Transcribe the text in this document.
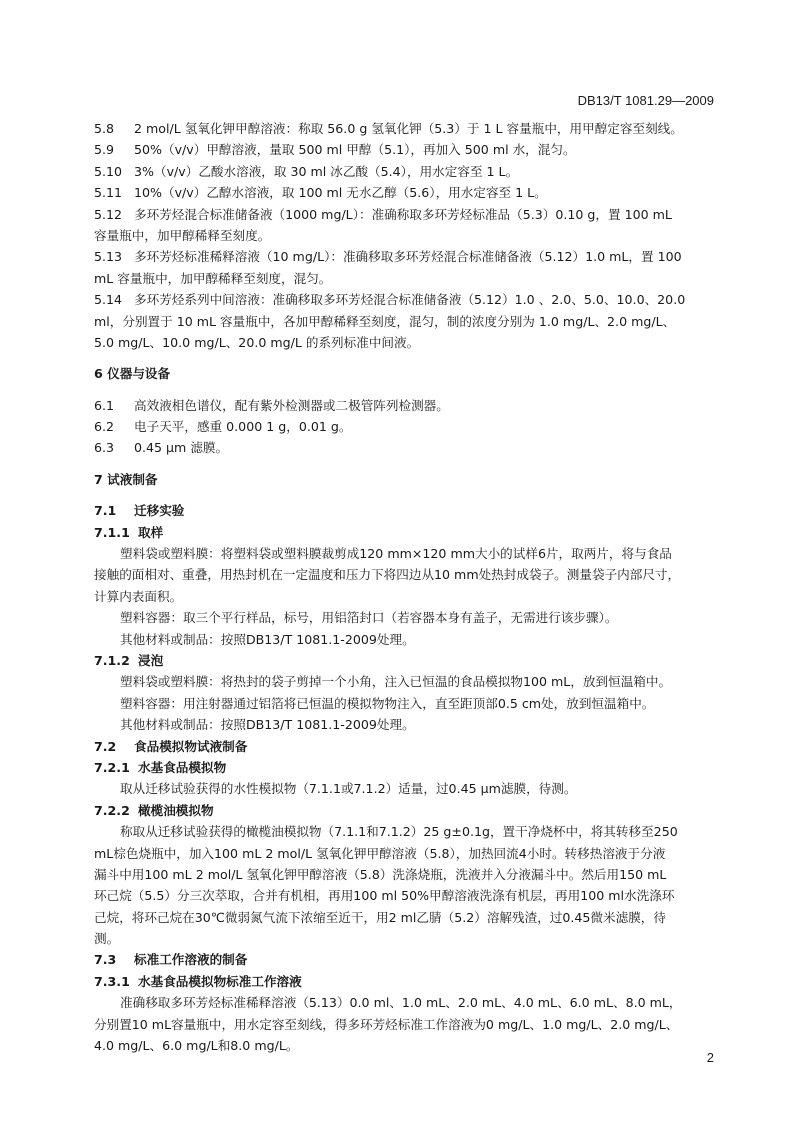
DB13/T 1081.29—2009
5.8 2 mol/L 氢氧化钾甲醇溶液：称取 56.0 g 氢氧化钾（5.3）于 1 L 容量瓶中，用甲醇定容至刻线。
5.9 50%（v/v）甲醇溶液，量取 500 ml 甲醇（5.1），再加入 500 ml 水，混匀。
5.10 3%（v/v）乙酸水溶液，取 30 ml 冰乙酸（5.4），用水定容至 1 L。
5.11 10%（v/v）乙醇水溶液，取 100 ml 无水乙醇（5.6），用水定容至 1 L。
5.12 多环芳烃混合标准储备液（1000 mg/L）：准确称取多环芳烃标准品（5.3）0.10 g，置 100 mL
容量瓶中，加甲醇稀释至刻度。
5.13 多环芳烃标准稀释溶液（10 mg/L）：准确移取多环芳烃混合标准储备液（5.12）1.0 mL，置 100
mL 容量瓶中，加甲醇稀释至刻度，混匀。
5.14 多环芳烃系列中间溶液：准确移取多环芳烃混合标准储备液（5.12）1.0 、2.0、5.0、10.0、20.0
ml，分别置于 10 mL 容量瓶中，各加甲醇稀释至刻度，混匀，制的浓度分别为 1.0 mg/L、2.0 mg/L、
5.0 mg/L、10.0 mg/L、20.0 mg/L 的系列标准中间液。
6 仪器与设备
6.1 高效液相色谱仪，配有紫外检测器或二极管阵列检测器。
6.2 电子天平，感重 0.000 1 g，0.01 g。
6.3 0.45 μm 滤膜。
7 试液制备
7.1 迁移实验
7.1.1 取样
塑料袋或塑料膜：将塑料袋或塑料膜裁剪成120 mm×120 mm大小的试样6片，取两片，将与食品
接触的面相对、重叠，用热封机在一定温度和压力下将四边从10 mm处热封成袋子。测量袋子内部尺寸，
计算内表面积。
塑料容器：取三个平行样品，标号，用铝箔封口（若容器本身有盖子，无需进行该步骤）。
其他材料或制品：按照DB13/T 1081.1-2009处理。
7.1.2 浸泡
塑料袋或塑料膜：将热封的袋子剪掉一个小角，注入已恒温的食品模拟物100 mL，放到恒温箱中。
塑料容器：用注射器通过铝箔将已恒温的模拟物物注入，直至距顶部0.5 cm处，放到恒温箱中。
其他材料或制品：按照DB13/T 1081.1-2009处理。
7.2 食品模拟物试液制备
7.2.1 水基食品模拟物
取从迁移试验获得的水性模拟物（7.1.1或7.1.2）适量，过0.45 μm滤膜，待测。
7.2.2 橄榄油模拟物
称取从迁移试验获得的橄榄油模拟物（7.1.1和7.1.2）25 g±0.1g，置干净烧杯中，将其转移至250
mL棕色烧瓶中，加入100 mL 2 mol/L 氢氧化钾甲醇溶液（5.8），加热回流4小时。转移热溶液于分液
漏斗中用100 mL 2 mol/L 氢氧化钾甲醇溶液（5.8）洗涤烧瓶，洗液并入分液漏斗中。然后用150 mL
环己烷（5.5）分三次萃取，合并有机相，再用100 ml 50%甲醇溶液洗涤有机层，再用100 ml水洗涤环
己烷，将环己烷在30℃微弱氮气流下浓缩至近干，用2 ml乙腈（5.2）溶解残渣，过0.45微米滤膜，待
测。
7.3 标准工作溶液的制备
7.3.1 水基食品模拟物标准工作溶液
准确移取多环芳烃标准稀释溶液（5.13）0.0 ml、1.0 mL、2.0 mL、4.0 mL、6.0 mL、8.0 mL，
分别置10 mL容量瓶中，用水定容至刻线，得多环芳烃标准工作溶液为0 mg/L、1.0 mg/L、2.0 mg/L、
4.0 mg/L、6.0 mg/L和8.0 mg/L。
2
